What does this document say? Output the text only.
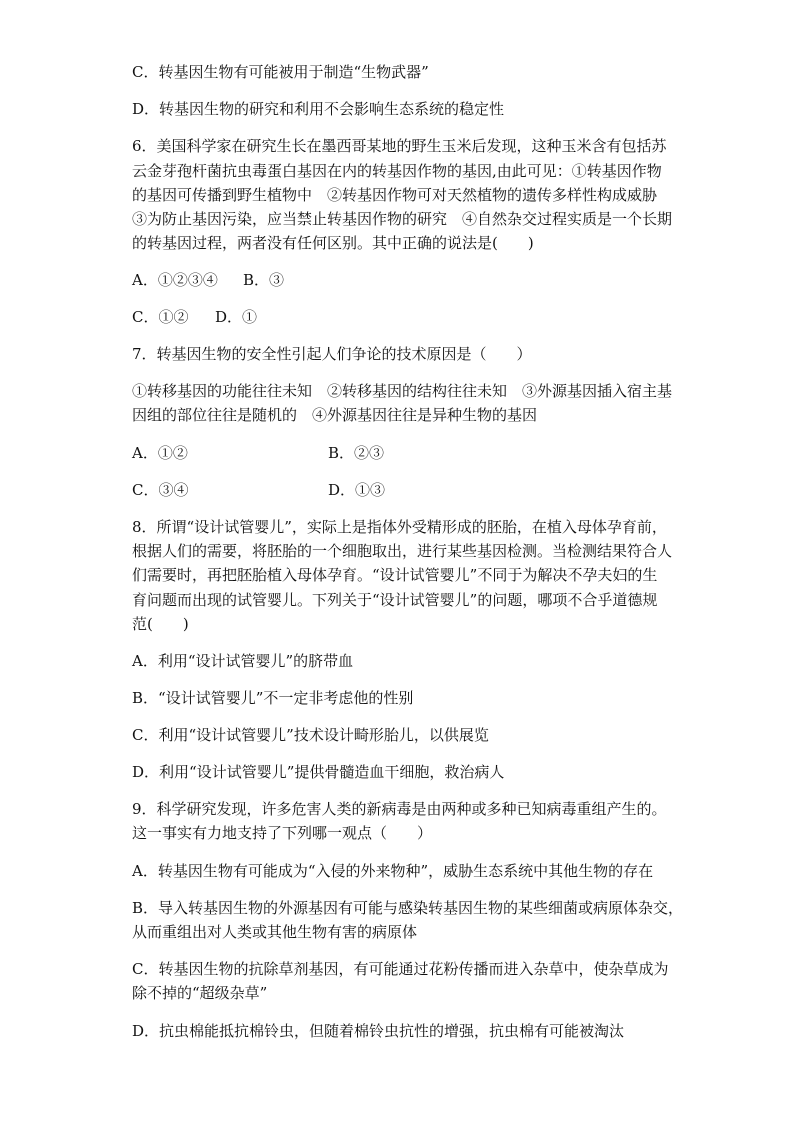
C．转基因生物有可能被用于制造“生物武器”
D．转基因生物的研究和利用不会影响生态系统的稳定性
6．美国科学家在研究生长在墨西哥某地的野生玉米后发现，这种玉米含有包括苏
云金芽孢杆菌抗虫毒蛋白基因在内的转基因作物的基因,由此可见：①转基因作物
的基因可传播到野生植物中　②转基因作物可对天然植物的遗传多样性构成威胁
③为防止基因污染，应当禁止转基因作物的研究　④自然杂交过程实质是一个长期
的转基因过程，两者没有任何区别。其中正确的说法是(　　)
A．①②③④ B．③
C．①② D．①
7．转基因生物的安全性引起人们争论的技术原因是（　　）
①转移基因的功能往往未知　②转移基因的结构往往未知　③外源基因插入宿主基
因组的部位往往是随机的　④外源基因往往是异种生物的基因
A．①②	B．②③
C．③④	D．①③
8．所谓“设计试管婴儿”，实际上是指体外受精形成的胚胎，在植入母体孕育前，
根据人们的需要，将胚胎的一个细胞取出，进行某些基因检测。当检测结果符合人
们需要时，再把胚胎植入母体孕育。“设计试管婴儿”不同于为解决不孕夫妇的生
育问题而出现的试管婴儿。下列关于“设计试管婴儿”的问题，哪项不合乎道德规
范(　　)
A．利用“设计试管婴儿”的脐带血
B．“设计试管婴儿”不一定非考虑他的性别
C．利用“设计试管婴儿”技术设计畸形胎儿，以供展览
D．利用“设计试管婴儿”提供骨髓造血干细胞，救治病人
9．科学研究发现，许多危害人类的新病毒是由两种或多种已知病毒重组产生的。
这一事实有力地支持了下列哪一观点（　　）
A．转基因生物有可能成为“入侵的外来物种”，威胁生态系统中其他生物的存在
B．导入转基因生物的外源基因有可能与感染转基因生物的某些细菌或病原体杂交，
从而重组出对人类或其他生物有害的病原体
C．转基因生物的抗除草剂基因，有可能通过花粉传播而进入杂草中，使杂草成为
除不掉的“超级杂草”
D．抗虫棉能抵抗棉铃虫，但随着棉铃虫抗性的增强，抗虫棉有可能被淘汰
